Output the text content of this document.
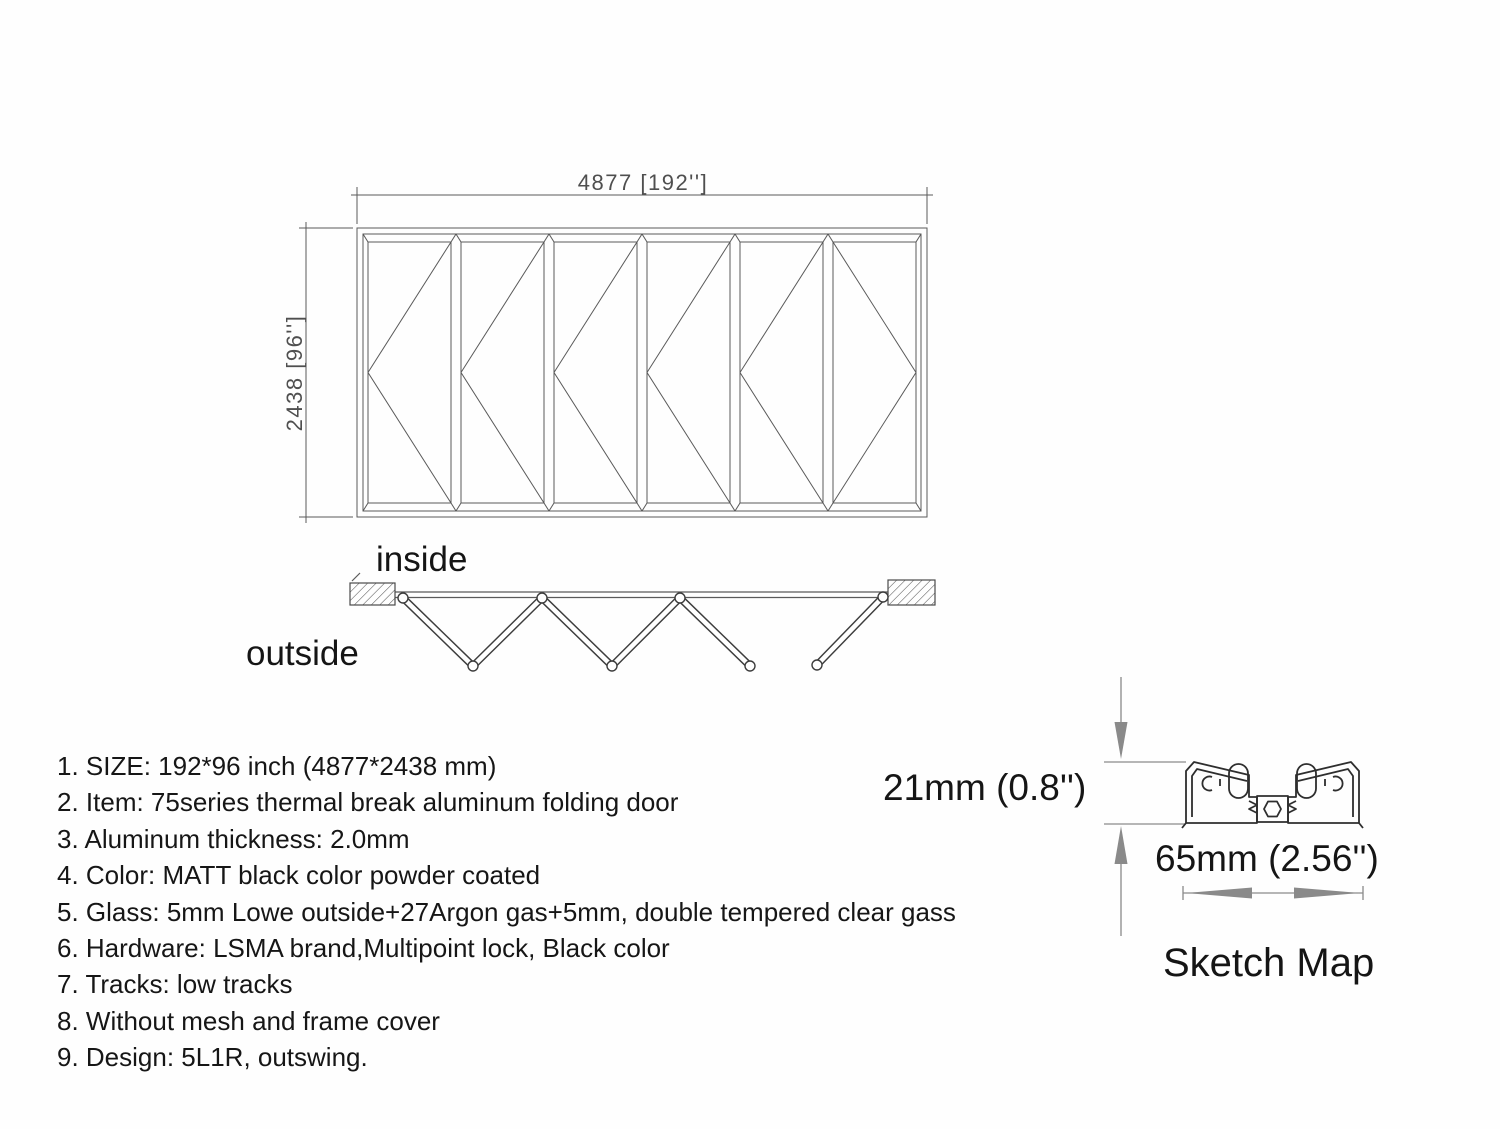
4877 [192'']
2438 [96'']
inside
outside
1. SIZE: 192*96 inch (4877*2438 mm)
2. Item: 75series thermal break aluminum folding door
3. Aluminum thickness: 2.0mm
4. Color: MATT black color powder coated
5. Glass: 5mm Lowe outside+27Argon gas+5mm, double tempered clear gass
6. Hardware: LSMA brand,Multipoint lock, Black color
7. Tracks: low tracks
8. Without mesh and frame cover
9. Design: 5L1R, outswing.
21mm (0.8'')
65mm (2.56'')
Sketch Map
